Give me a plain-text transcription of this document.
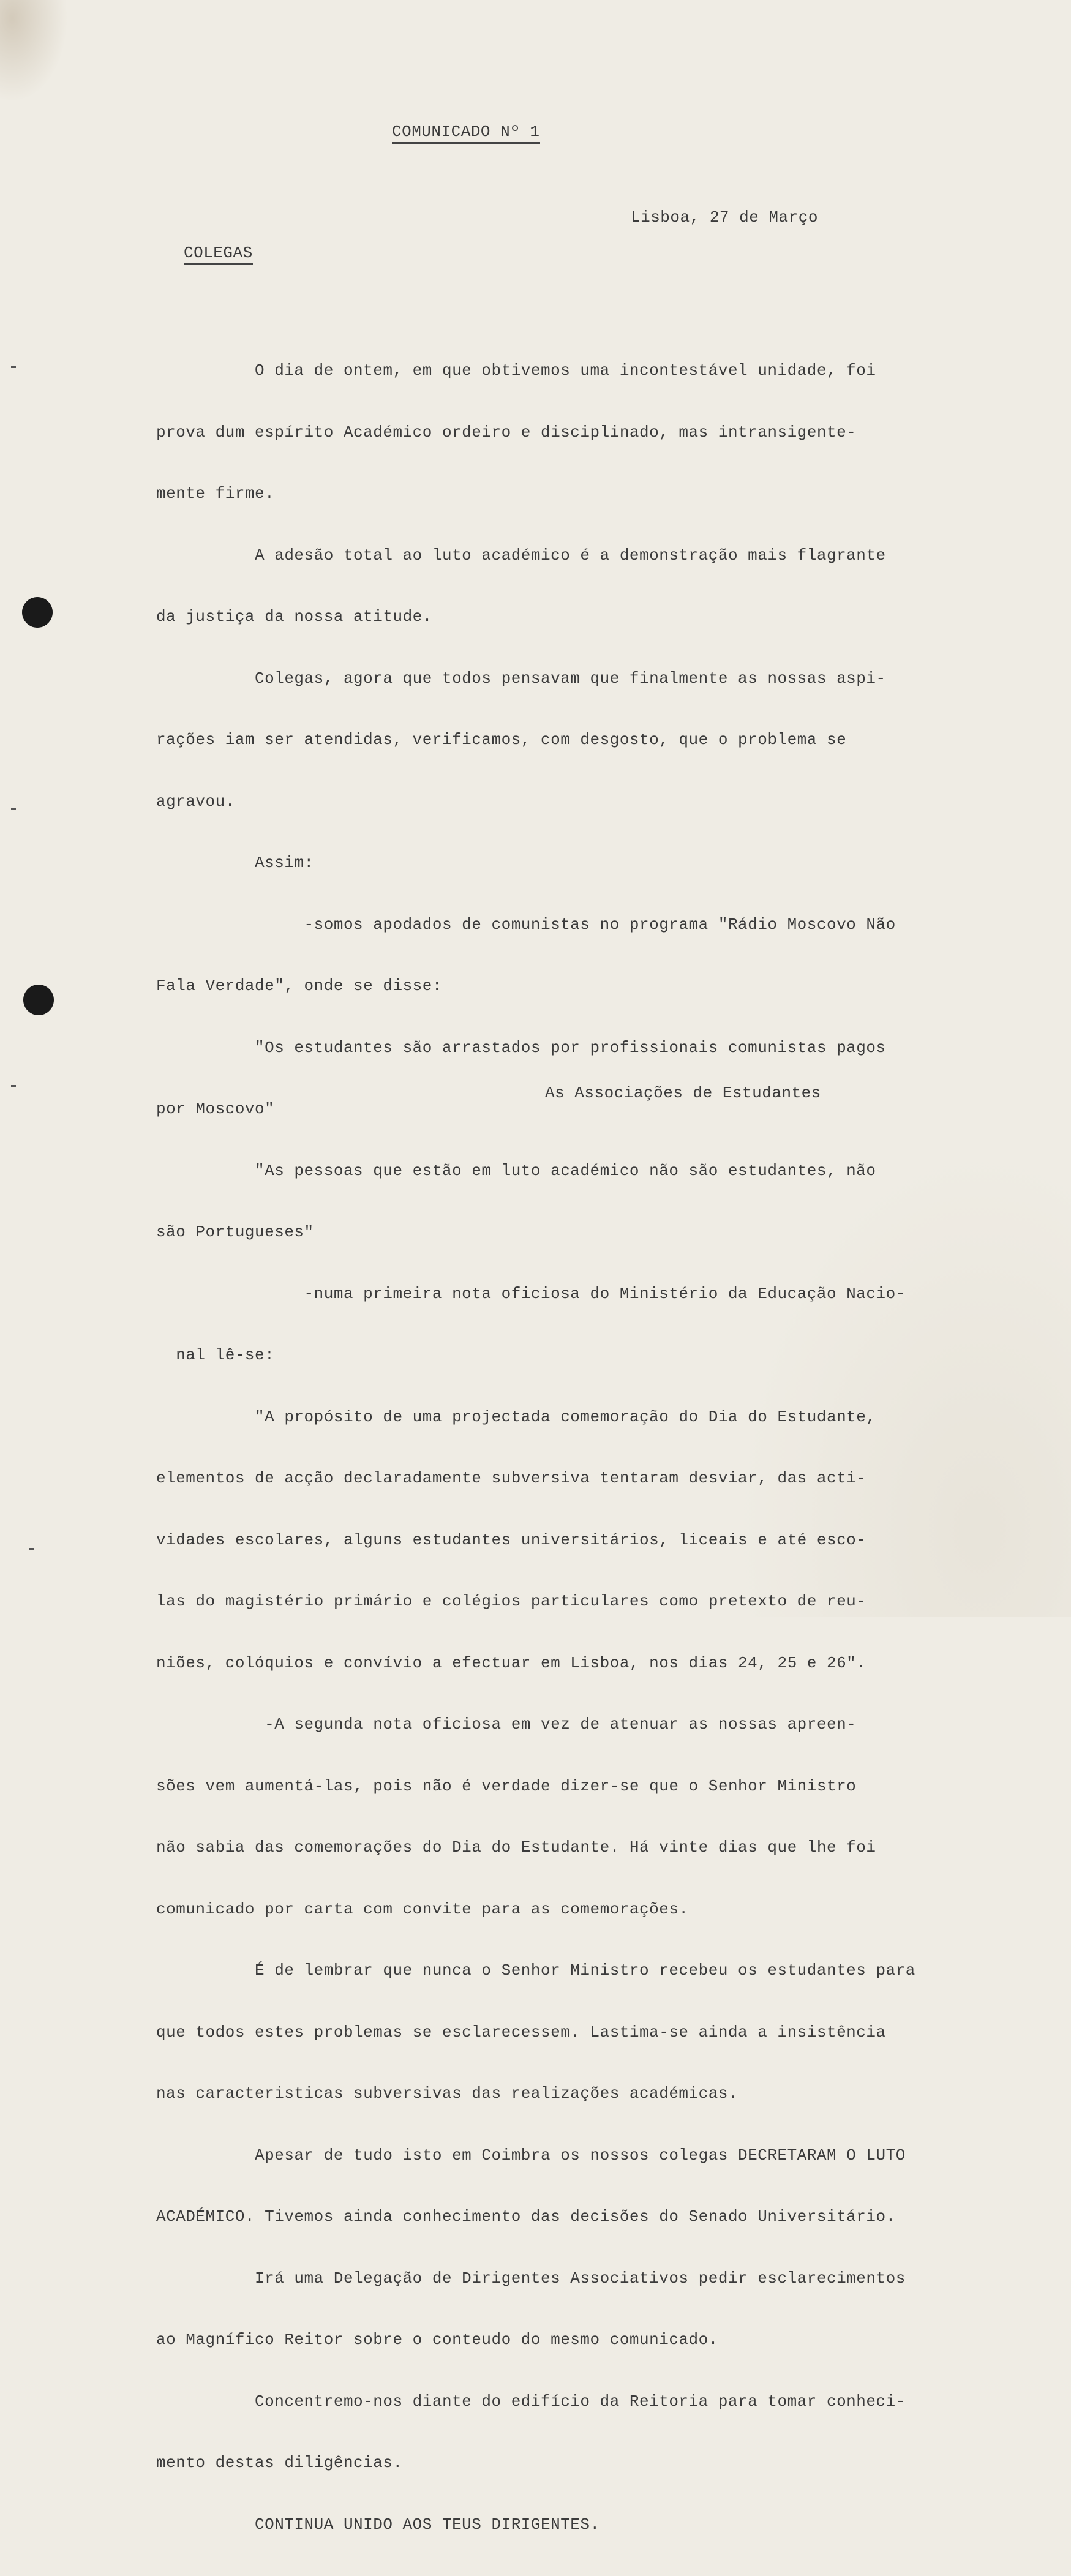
COMUNICADO Nº 1
Lisboa, 27 de Março
COLEGAS

O dia de ontem, em que obtivemos uma incontestável unidade, foi

prova dum espírito Académico ordeiro e disciplinado, mas intransigente-

mente firme.

A adesão total ao luto académico é a demonstração mais flagrante

da justiça da nossa atitude.

Colegas, agora que todos pensavam que finalmente as nossas aspi-

rações iam ser atendidas, verificamos, com desgosto, que o problema se

agravou.

Assim:

-somos apodados de comunistas no programa "Rádio Moscovo Não

Fala Verdade", onde se disse:

"Os estudantes são arrastados por profissionais comunistas pagos

por Moscovo"

"As pessoas que estão em luto académico não são estudantes, não

são Portugueses"

-numa primeira nota oficiosa do Ministério da Educação Nacio-

nal lê-se:

"A propósito de uma projectada comemoração do Dia do Estudante,

elementos de acção declaradamente subversiva tentaram desviar, das acti-

vidades escolares, alguns estudantes universitários, liceais e até esco-

las do magistério primário e colégios particulares como pretexto de reu-

niões, colóquios e convívio a efectuar em Lisboa, nos dias 24, 25 e 26".

-A segunda nota oficiosa em vez de atenuar as nossas apreen-

sões vem aumentá-las, pois não é verdade dizer-se que o Senhor Ministro

não sabia das comemorações do Dia do Estudante. Há vinte dias que lhe foi

comunicado por carta com convite para as comemorações.

É de lembrar que nunca o Senhor Ministro recebeu os estudantes para

que todos estes problemas se esclarecessem. Lastima-se ainda a insistência

nas caracteristicas subversivas das realizações académicas.

Apesar de tudo isto em Coimbra os nossos colegas DECRETARAM O LUTO

ACADÉMICO. Tivemos ainda conhecimento das decisões do Senado Universitário.

Irá uma Delegação de Dirigentes Associativos pedir esclarecimentos

ao Magnífico Reitor sobre o conteudo do mesmo comunicado.

Concentremo-nos diante do edifício da Reitoria para tomar conheci-

mento destas diligências.

CONTINUA UNIDO AOS TEUS DIRIGENTES.

As Associações de Estudantes
